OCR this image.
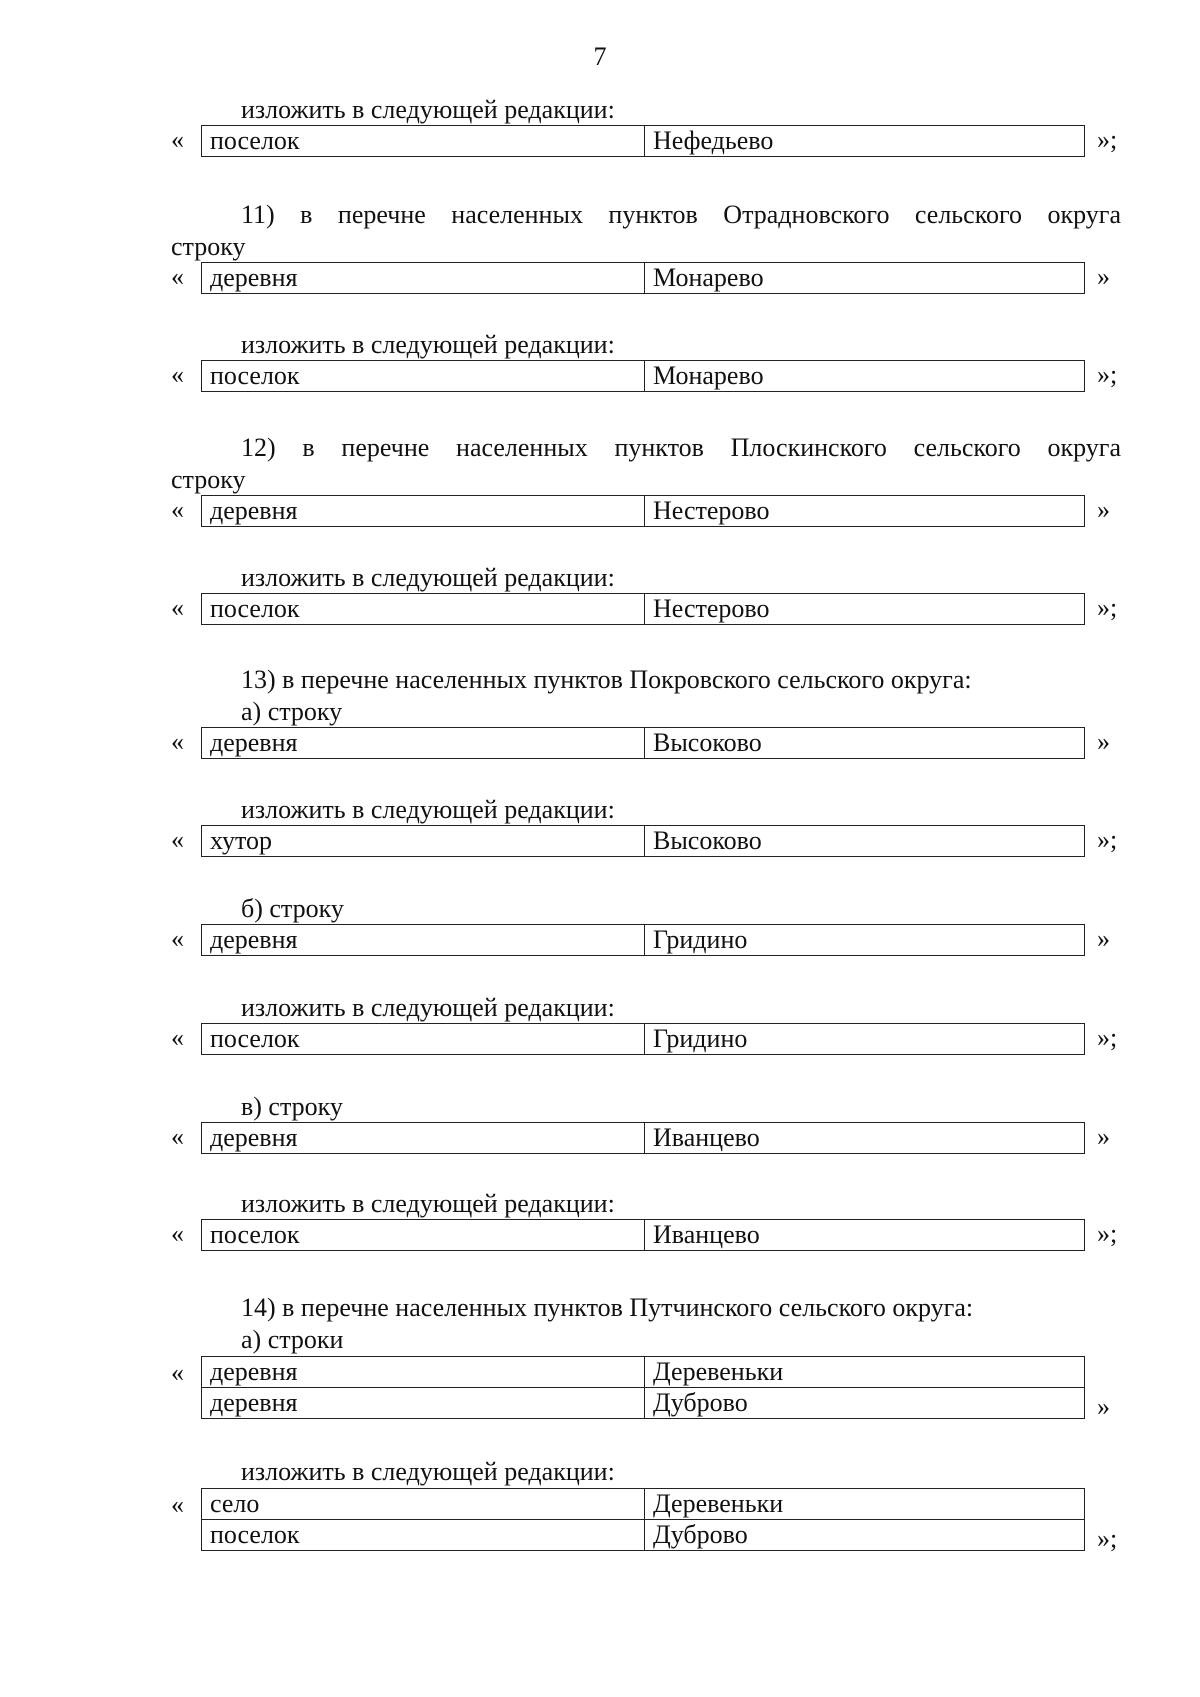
7
изложить в следующей редакции:
« поселок	Нефедьево	»;
11) в перечне населенных пунктов Отрадновского сельского округа
строку
« деревня	Монарево	»
изложить в следующей редакции:
« поселок	Монарево	»;
12) в перечне населенных пунктов Плоскинского сельского округа
строку
« деревня	Нестерово	»
изложить в следующей редакции:
« поселок	Нестерово	»;
13) в перечне населенных пунктов Покровского сельского округа:
а) строку
« деревня	Высоково	»
изложить в следующей редакции:
« хутор	Высоково	»;
б) строку
« деревня	Гридино	»
изложить в следующей редакции:
« поселок	Гридино	»;
в) строку
« деревня	Иванцево	»
изложить в следующей редакции:
« поселок	Иванцево	»;
14) в перечне населенных пунктов Путчинского сельского округа:
а) строки
« деревня	Деревеньки
деревня	Дуброво	»
изложить в следующей редакции:
« село	Деревеньки
поселок	Дуброво	»;
